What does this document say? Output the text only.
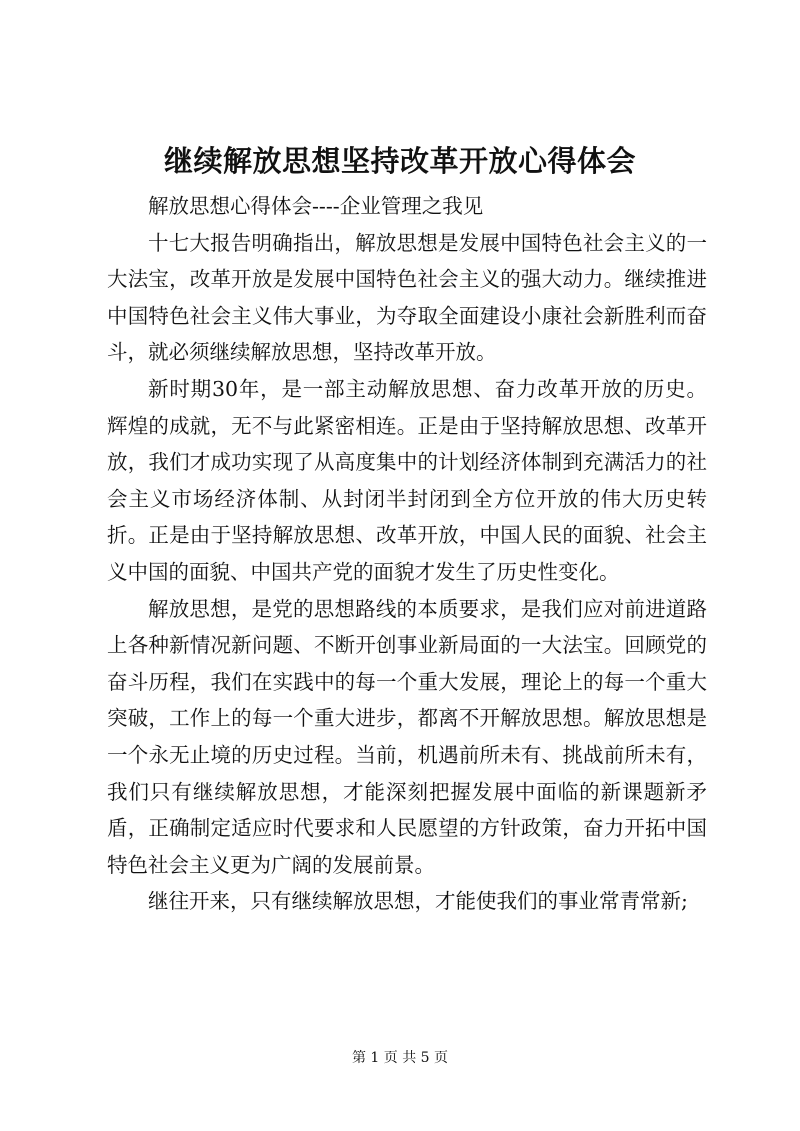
继续解放思想坚持改革开放心得体会

解放思想心得体会----企业管理之我见

十七大报告明确指出，解放思想是发展中国特色社会主义的一大法宝，改革开放是发展中国特色社会主义的强大动力。继续推进中国特色社会主义伟大事业，为夺取全面建设小康社会新胜利而奋斗，就必须继续解放思想，坚持改革开放。

新时期30年，是一部主动解放思想、奋力改革开放的历史。辉煌的成就，无不与此紧密相连。正是由于坚持解放思想、改革开放，我们才成功实现了从高度集中的计划经济体制到充满活力的社会主义市场经济体制、从封闭半封闭到全方位开放的伟大历史转折。正是由于坚持解放思想、改革开放，中国人民的面貌、社会主义中国的面貌、中国共产党的面貌才发生了历史性变化。

解放思想，是党的思想路线的本质要求，是我们应对前进道路上各种新情况新问题、不断开创事业新局面的一大法宝。回顾党的奋斗历程，我们在实践中的每一个重大发展，理论上的每一个重大突破，工作上的每一个重大进步，都离不开解放思想。解放思想是一个永无止境的历史过程。当前，机遇前所未有、挑战前所未有，我们只有继续解放思想，才能深刻把握发展中面临的新课题新矛盾，正确制定适应时代要求和人民愿望的方针政策，奋力开拓中国特色社会主义更为广阔的发展前景。

继往开来，只有继续解放思想，才能使我们的事业常青常新;

第 1 页 共 5 页
